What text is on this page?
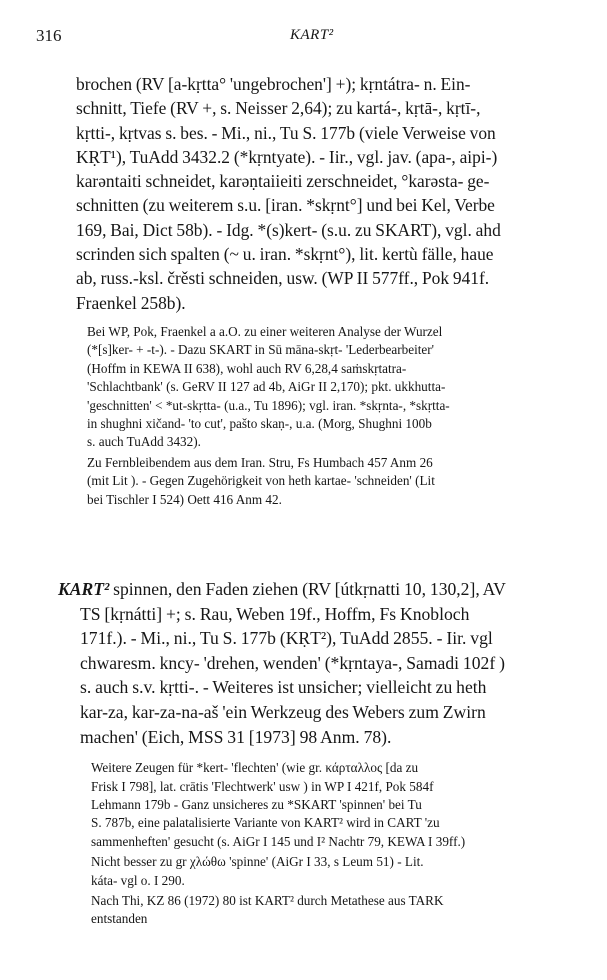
316	KART²

brochen (RV [a-kṛtta° 'ungebrochen'] +); kṛntátra- n. Ein-
schnitt, Tiefe (RV +, s. Neisser 2,64); zu kartá-, kṛtā-, kṛtī-,
kṛtti-, kṛtvas s. bes. - Mi., ni., Tu S. 177b (viele Verweise von
KṚT¹), TuAdd 3432.2 (*kṛntyate). - Iir., vgl. jav. (apa-, aipi-)
karəntaiti schneidet, karəṇtaiieiti zerschneidet, °karəsta- ge-
schnitten (zu weiterem s.u. [iran. *skṛnt°] und bei Kel, Verbe
169, Bai, Dict 58b). - Idg. *(s)kert- (s.u. zu SKART), vgl. ahd
scrinden sich spalten (~ u. iran. *skṛnt°), lit. kertù fälle, haue
ab, russ.-ksl. črěsti schneiden, usw. (WP II 577ff., Pok 941f.
Fraenkel 258b).

Bei WP, Pok, Fraenkel a a.O. zu einer weiteren Analyse der Wurzel
(*[s]ker- + -t-). - Dazu SKART in Sū māna-skṛt- 'Lederbearbeiter'
(Hoffm in KEWA II 638), wohl auch RV 6,28,4 saṁskṛtatra-
'Schlachtbank' (s. GeRV II 127 ad 4b, AiGr II 2,170); pkt. ukkhutta-
'geschnitten' < *ut-skṛtta- (u.a., Tu 1896); vgl. iran. *skṛnta-, *skṛtta-
in shughni xičand- 'to cut', pašto skaṇ-, u.a. (Morg, Shughni 100b
s. auch TuAdd 3432).

Zu Fernbleibendem aus dem Iran. Stru, Fs Humbach 457 Anm 26
(mit Lit ). - Gegen Zugehörigkeit von heth kartae- 'schneiden' (Lit
bei Tischler I 524) Oett 416 Anm 42.

KART² spinnen, den Faden ziehen (RV [útkṛnatti 10, 130,2], AV
TS [kṛnátti] +; s. Rau, Weben 19f., Hoffm, Fs Knobloch
171f.). - Mi., ni., Tu S. 177b (KṚT²), TuAdd 2855. - Iir. vgl
chwaresm. kncy- 'drehen, wenden' (*kṛntaya-, Samadi 102f )
s. auch s.v. kṛtti-. - Weiteres ist unsicher; vielleicht zu heth
kar-za, kar-za-na-aš 'ein Werkzeug des Webers zum Zwirn
machen' (Eich, MSS 31 [1973] 98 Anm. 78).

Weitere Zeugen für *kert- 'flechten' (wie gr. κάρταλλος [da zu
Frisk I 798], lat. crātis 'Flechtwerk' usw ) in WP I 421f, Pok 584f
Lehmann 179b - Ganz unsicheres zu *SKART 'spinnen' bei Tu
S. 787b, eine palatalisierte Variante von KART² wird in CART 'zu
sammenheften' gesucht (s. AiGr I 145 und I² Nachtr 79, KEWA I 39ff.)

Nicht besser zu gr χλώθω 'spinne' (AiGr I 33, s Leum 51) - Lit.
káta- vgl o. I 290.

Nach Thi, KZ 86 (1972) 80 ist KART² durch Metathese aus TARK
entstanden
